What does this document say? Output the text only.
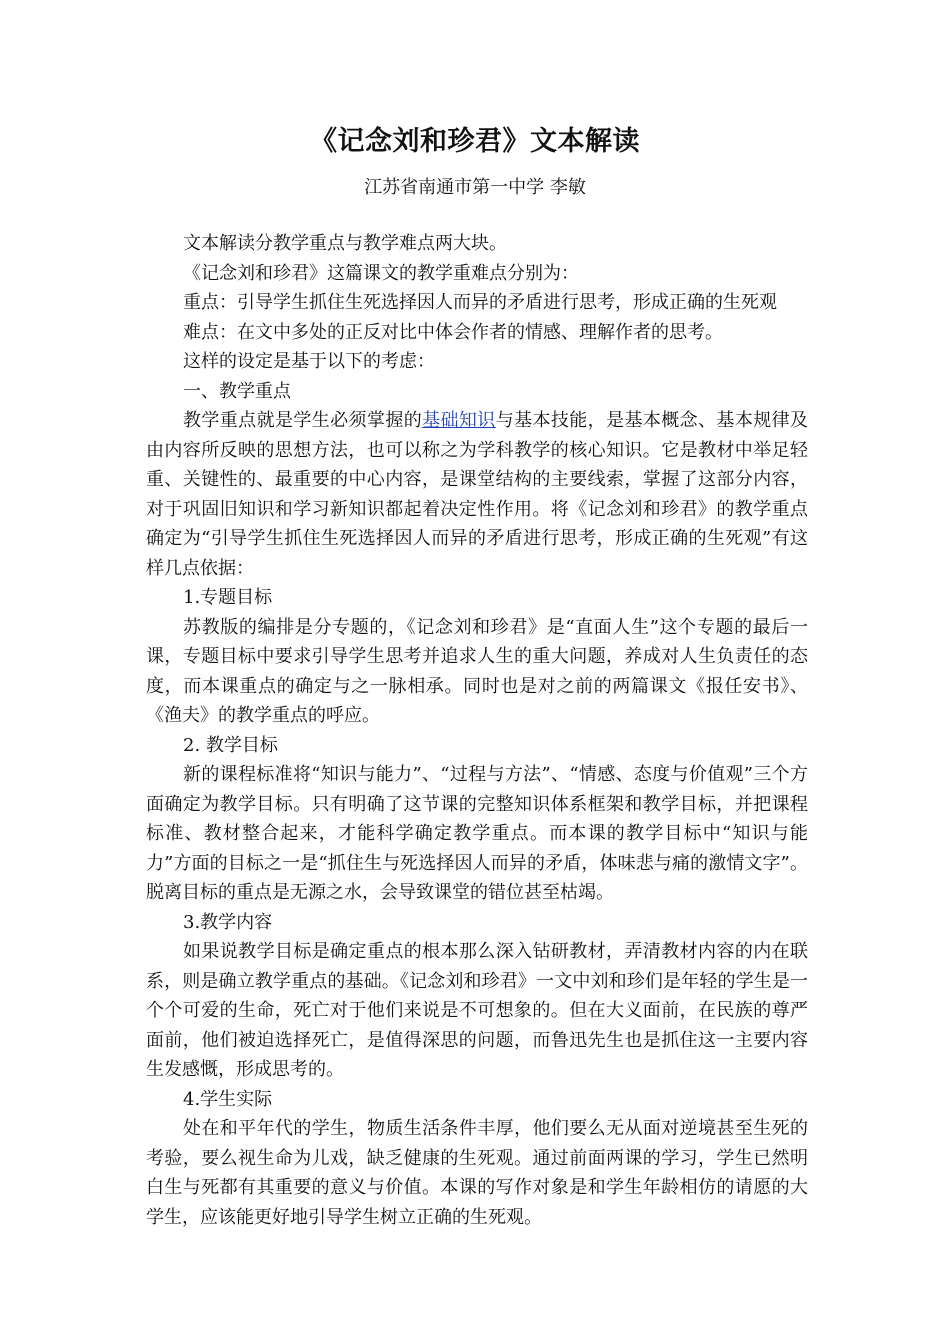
《记念刘和珍君》文本解读
江苏省南通市第一中学 李敏

文本解读分教学重点与教学难点两大块。

《记念刘和珍君》这篇课文的教学重难点分别为：

重点：引导学生抓住生死选择因人而异的矛盾进行思考，形成正确的生死观

难点：在文中多处的正反对比中体会作者的情感、理解作者的思考。

这样的设定是基于以下的考虑：

一、教学重点

教学重点就是学生必须掌握的基础知识与基本技能，是基本概念、基本规律及由内容所反映的思想方法，也可以称之为学科教学的核心知识。它是教材中举足轻重、关键性的、最重要的中心内容，是课堂结构的主要线索，掌握了这部分内容，对于巩固旧知识和学习新知识都起着决定性作用。将《记念刘和珍君》的教学重点确定为“引导学生抓住生死选择因人而异的矛盾进行思考，形成正确的生死观”有这样几点依据：

1.专题目标

苏教版的编排是分专题的，《记念刘和珍君》是“直面人生”这个专题的最后一课，专题目标中要求引导学生思考并追求人生的重大问题，养成对人生负责任的态度，而本课重点的确定与之一脉相承。同时也是对之前的两篇课文《报任安书》、《渔夫》的教学重点的呼应。

2. 教学目标

新的课程标准将“知识与能力”、“过程与方法”、“情感、态度与价值观”三个方面确定为教学目标。只有明确了这节课的完整知识体系框架和教学目标，并把课程标准、教材整合起来，才能科学确定教学重点。而本课的教学目标中“知识与能力”方面的目标之一是“抓住生与死选择因人而异的矛盾，体味悲与痛的激情文字”。脱离目标的重点是无源之水，会导致课堂的错位甚至枯竭。

3.教学内容

如果说教学目标是确定重点的根本那么深入钻研教材，弄清教材内容的内在联系，则是确立教学重点的基础。《记念刘和珍君》一文中刘和珍们是年轻的学生是一个个可爱的生命，死亡对于他们来说是不可想象的。但在大义面前，在民族的尊严面前，他们被迫选择死亡，是值得深思的问题，而鲁迅先生也是抓住这一主要内容生发感慨，形成思考的。

4.学生实际

处在和平年代的学生，物质生活条件丰厚，他们要么无从面对逆境甚至生死的考验，要么视生命为儿戏，缺乏健康的生死观。通过前面两课的学习，学生已然明白生与死都有其重要的意义与价值。本课的写作对象是和学生年龄相仿的请愿的大学生，应该能更好地引导学生树立正确的生死观。
